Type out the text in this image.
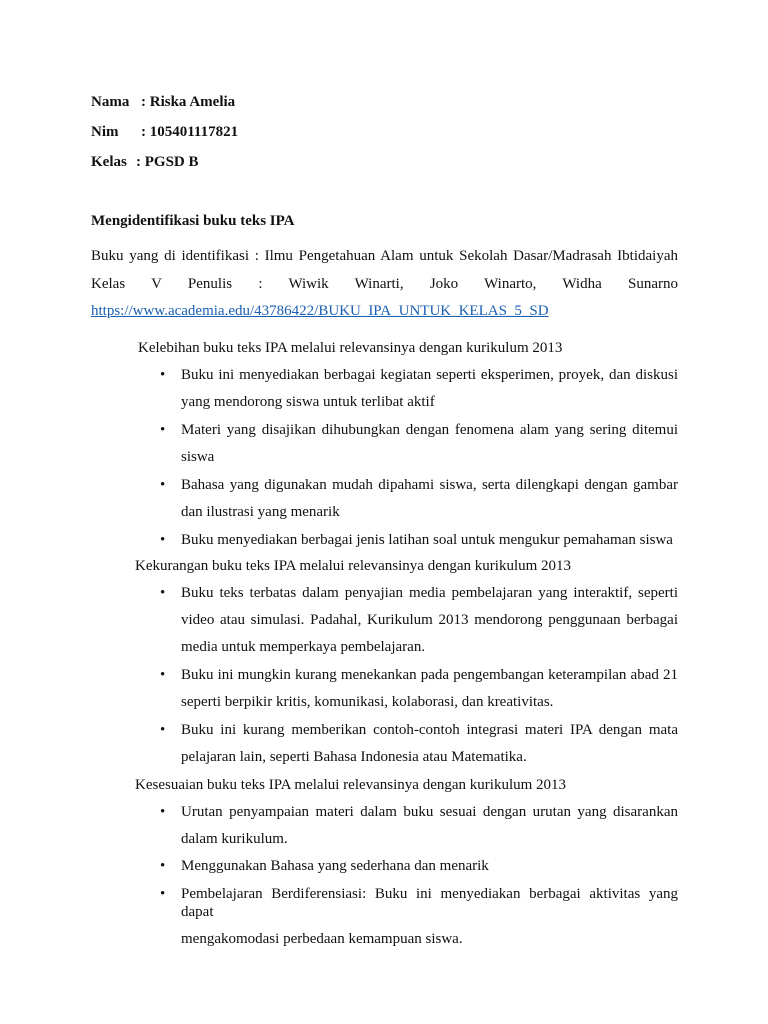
Nama : Riska Amelia
Nim : 105401117821
Kelas : PGSD B
Mengidentifikasi buku teks IPA
Buku yang di identifikasi : Ilmu Pengetahuan Alam untuk Sekolah Dasar/Madrasah Ibtidaiyah
Kelas V Penulis : Wiwik Winarti, Joko Winarto, Widha Sunarno
https://www.academia.edu/43786422/BUKU_IPA_UNTUK_KELAS_5_SD
Kelebihan buku teks IPA melalui relevansinya dengan kurikulum 2013
• Buku ini menyediakan berbagai kegiatan seperti eksperimen, proyek, dan diskusi
yang mendorong siswa untuk terlibat aktif
• Materi yang disajikan dihubungkan dengan fenomena alam yang sering ditemui
siswa
• Bahasa yang digunakan mudah dipahami siswa, serta dilengkapi dengan gambar
dan ilustrasi yang menarik
• Buku menyediakan berbagai jenis latihan soal untuk mengukur pemahaman siswa
Kekurangan buku teks IPA melalui relevansinya dengan kurikulum 2013
• Buku teks terbatas dalam penyajian media pembelajaran yang interaktif, seperti
video atau simulasi. Padahal, Kurikulum 2013 mendorong penggunaan berbagai
media untuk memperkaya pembelajaran.
• Buku ini mungkin kurang menekankan pada pengembangan keterampilan abad 21
seperti berpikir kritis, komunikasi, kolaborasi, dan kreativitas.
• Buku ini kurang memberikan contoh-contoh integrasi materi IPA dengan mata
pelajaran lain, seperti Bahasa Indonesia atau Matematika.
Kesesuaian buku teks IPA melalui relevansinya dengan kurikulum 2013
• Urutan penyampaian materi dalam buku sesuai dengan urutan yang disarankan
dalam kurikulum.
• Menggunakan Bahasa yang sederhana dan menarik
• Pembelajaran Berdiferensiasi: Buku ini menyediakan berbagai aktivitas yang dapat
mengakomodasi perbedaan kemampuan siswa.
